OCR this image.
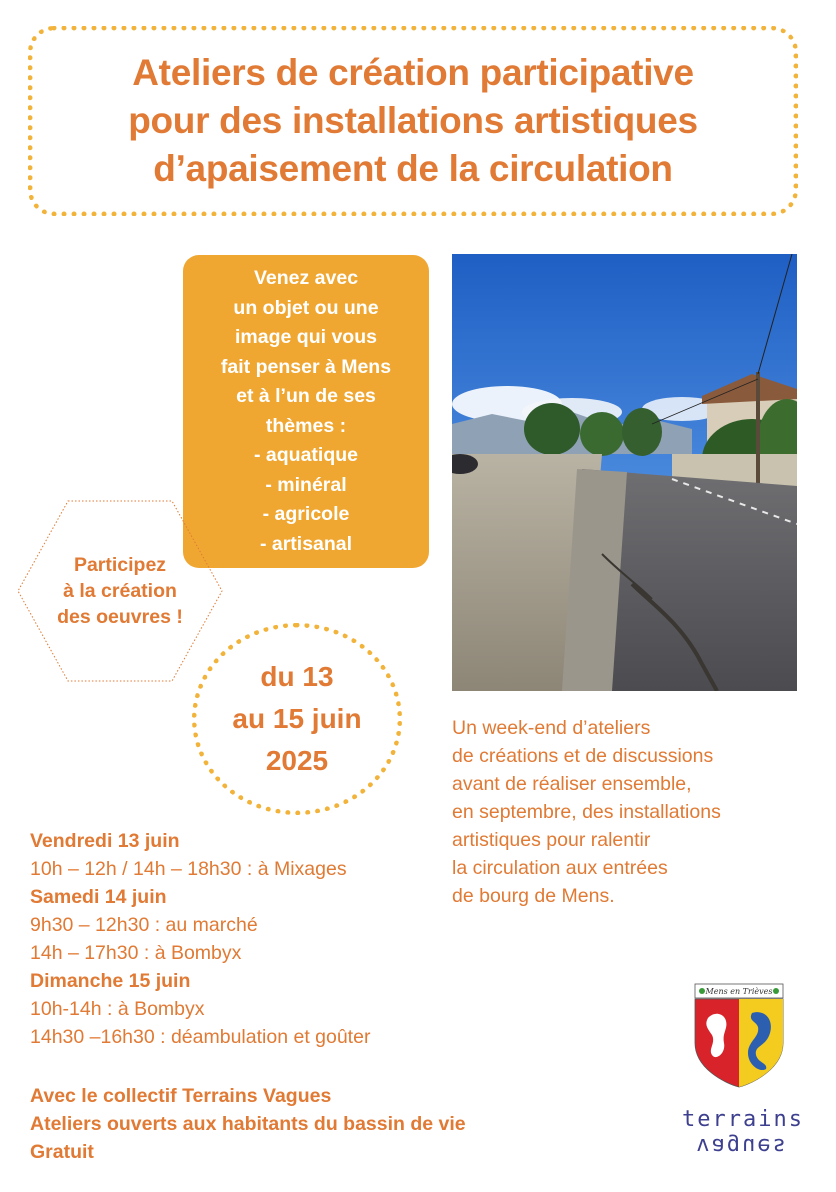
Ateliers de création participative
pour des installations artistiques
d’apaisement de la circulation
Venez avec
un objet ou une
image qui vous
fait penser à Mens
et à l’un de ses
thèmes :
- aquatique
- minéral
- agricole
- artisanal
Participez
à la création
des oeuvres !
du 13
au 15 juin
2025
Un week-end d’ateliers
de créations et de discussions
avant de réaliser ensemble,
en septembre, des installations
artistiques pour ralentir
la circulation aux entrées
de bourg de Mens.
Vendredi 13 juin
10h – 12h / 14h – 18h30 : à Mixages
Samedi 14 juin
9h30 – 12h30 : au marché
14h – 17h30 : à Bombyx
Dimanche 15 juin
10h-14h : à Bombyx
14h30 –16h30 : déambulation et goûter
Avec le collectif Terrains Vagues
Ateliers ouverts aux habitants du bassin de vie
Gratuit
Mens en Trièves
terrains
vagues
